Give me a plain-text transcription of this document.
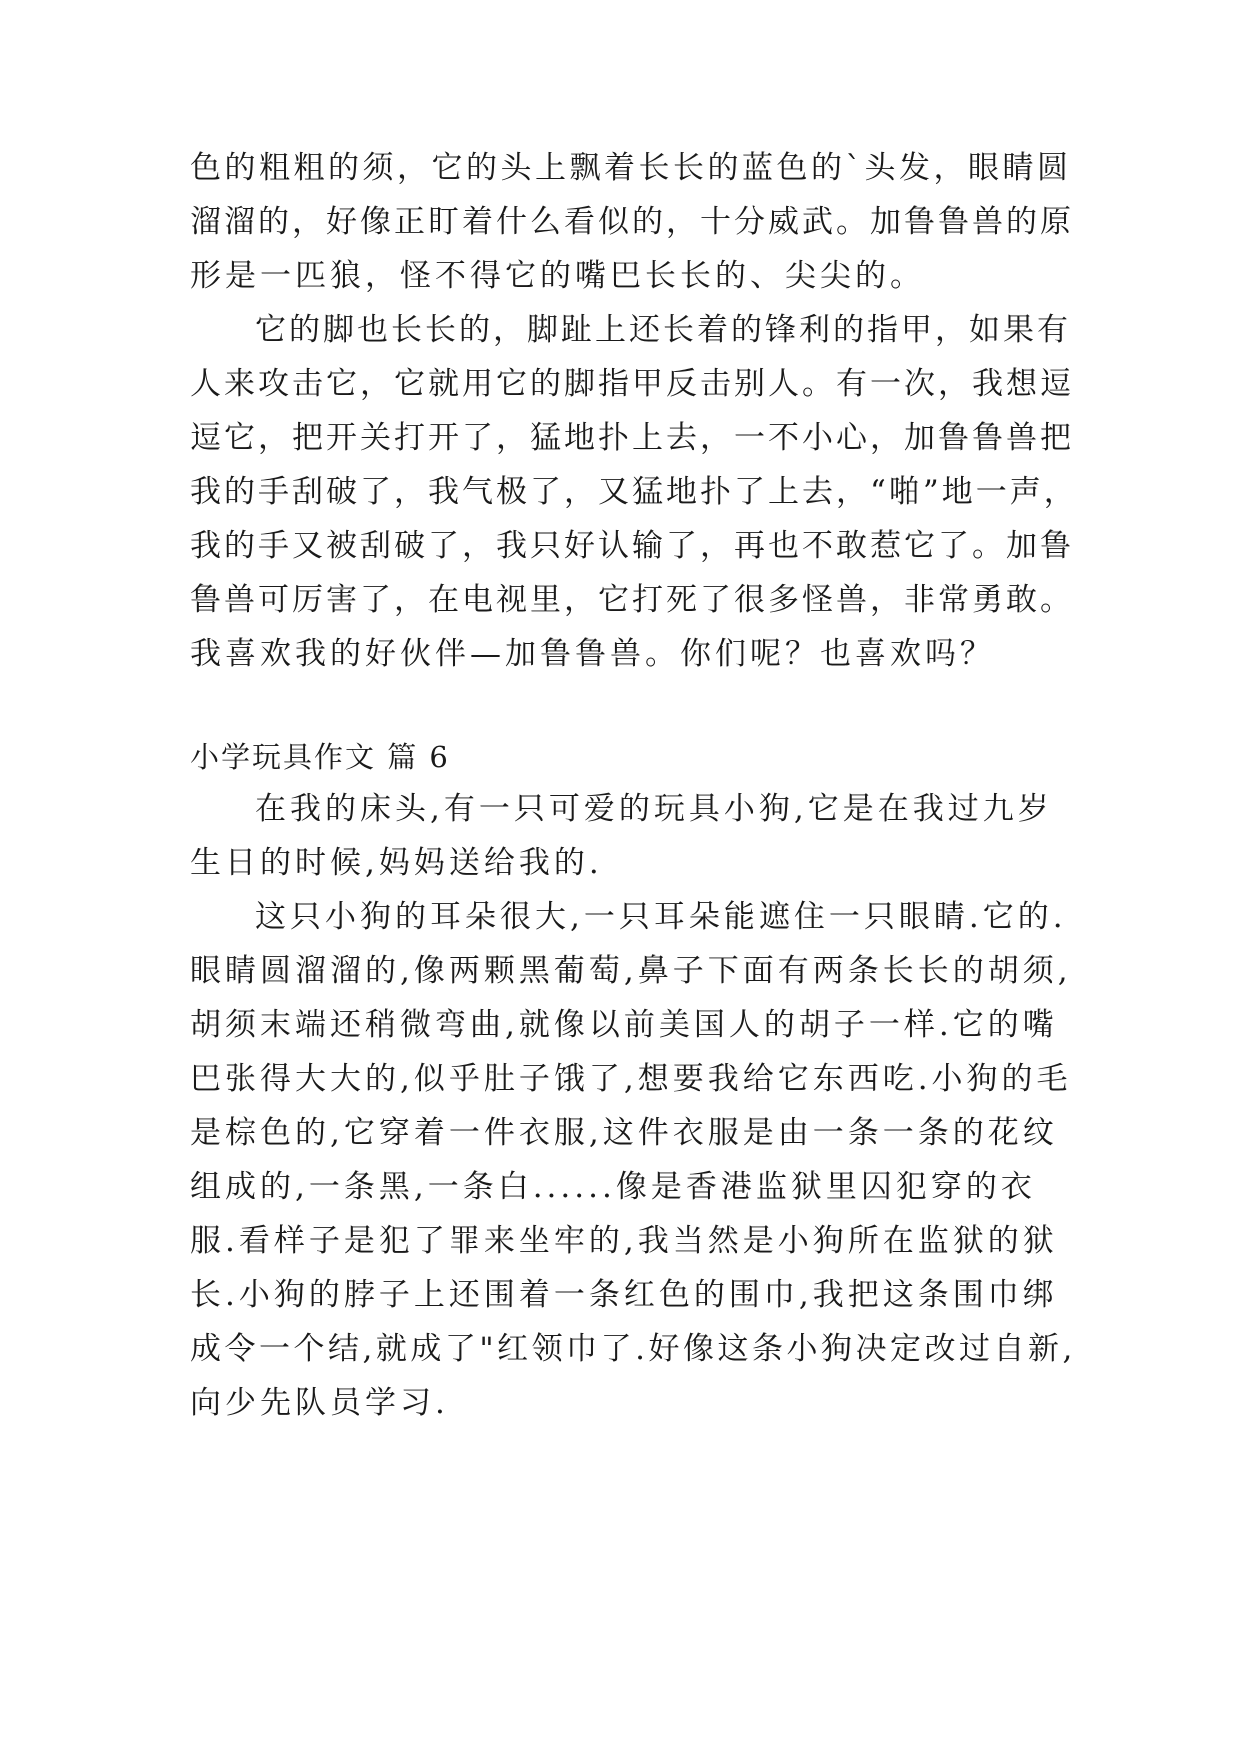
色的粗粗的须，它的头上飘着长长的蓝色的`头发，眼睛圆
溜溜的，好像正盯着什么看似的，十分威武。加鲁鲁兽的原
形是一匹狼，怪不得它的嘴巴长长的、尖尖的。
它的脚也长长的，脚趾上还长着的锋利的指甲，如果有
人来攻击它，它就用它的脚指甲反击别人。有一次，我想逗
逗它，把开关打开了，猛地扑上去，一不小心，加鲁鲁兽把
我的手刮破了，我气极了，又猛地扑了上去，“啪”地一声，
我的手又被刮破了，我只好认输了，再也不敢惹它了。加鲁
鲁兽可厉害了，在电视里，它打死了很多怪兽，非常勇敢。
我喜欢我的好伙伴—加鲁鲁兽。你们呢？也喜欢吗？
小学玩具作文 篇 6
在我的床头,有一只可爱的玩具小狗,它是在我过九岁
生日的时候,妈妈送给我的.
这只小狗的耳朵很大,一只耳朵能遮住一只眼睛.它的.
眼睛圆溜溜的,像两颗黑葡萄,鼻子下面有两条长长的胡须,
胡须末端还稍微弯曲,就像以前美国人的胡子一样.它的嘴
巴张得大大的,似乎肚子饿了,想要我给它东西吃.小狗的毛
是棕色的,它穿着一件衣服,这件衣服是由一条一条的花纹
组成的,一条黑,一条白......像是香港监狱里囚犯穿的衣
服.看样子是犯了罪来坐牢的,我当然是小狗所在监狱的狱
长.小狗的脖子上还围着一条红色的围巾,我把这条围巾绑
成令一个结,就成了"红领巾了.好像这条小狗决定改过自新,
向少先队员学习.
